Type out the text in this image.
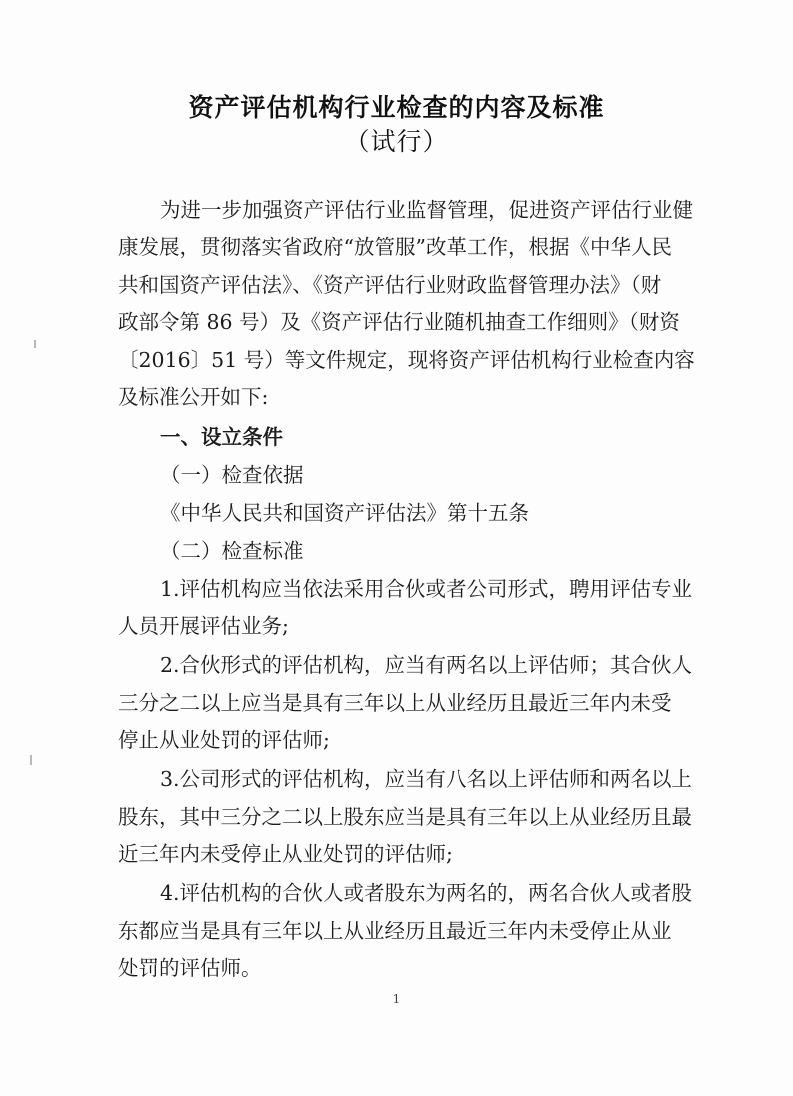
资产评估机构行业检查的内容及标准
（试行）
为进一步加强资产评估行业监督管理，促进资产评估行业健
康发展，贯彻落实省政府“放管服”改革工作，根据《中华人民
共和国资产评估法》、《资产评估行业财政监督管理办法》（财
政部令第 86 号）及《资产评估行业随机抽查工作细则》（财资
〔2016〕51 号）等文件规定，现将资产评估机构行业检查内容
及标准公开如下:
一、设立条件
（一）检查依据
《中华人民共和国资产评估法》第十五条
（二）检查标准
1.评估机构应当依法采用合伙或者公司形式，聘用评估专业
人员开展评估业务;
2.合伙形式的评估机构，应当有两名以上评估师；其合伙人
三分之二以上应当是具有三年以上从业经历且最近三年内未受
停止从业处罚的评估师;
3.公司形式的评估机构，应当有八名以上评估师和两名以上
股东，其中三分之二以上股东应当是具有三年以上从业经历且最
近三年内未受停止从业处罚的评估师;
4.评估机构的合伙人或者股东为两名的，两名合伙人或者股
东都应当是具有三年以上从业经历且最近三年内未受停止从业
处罚的评估师。
1
